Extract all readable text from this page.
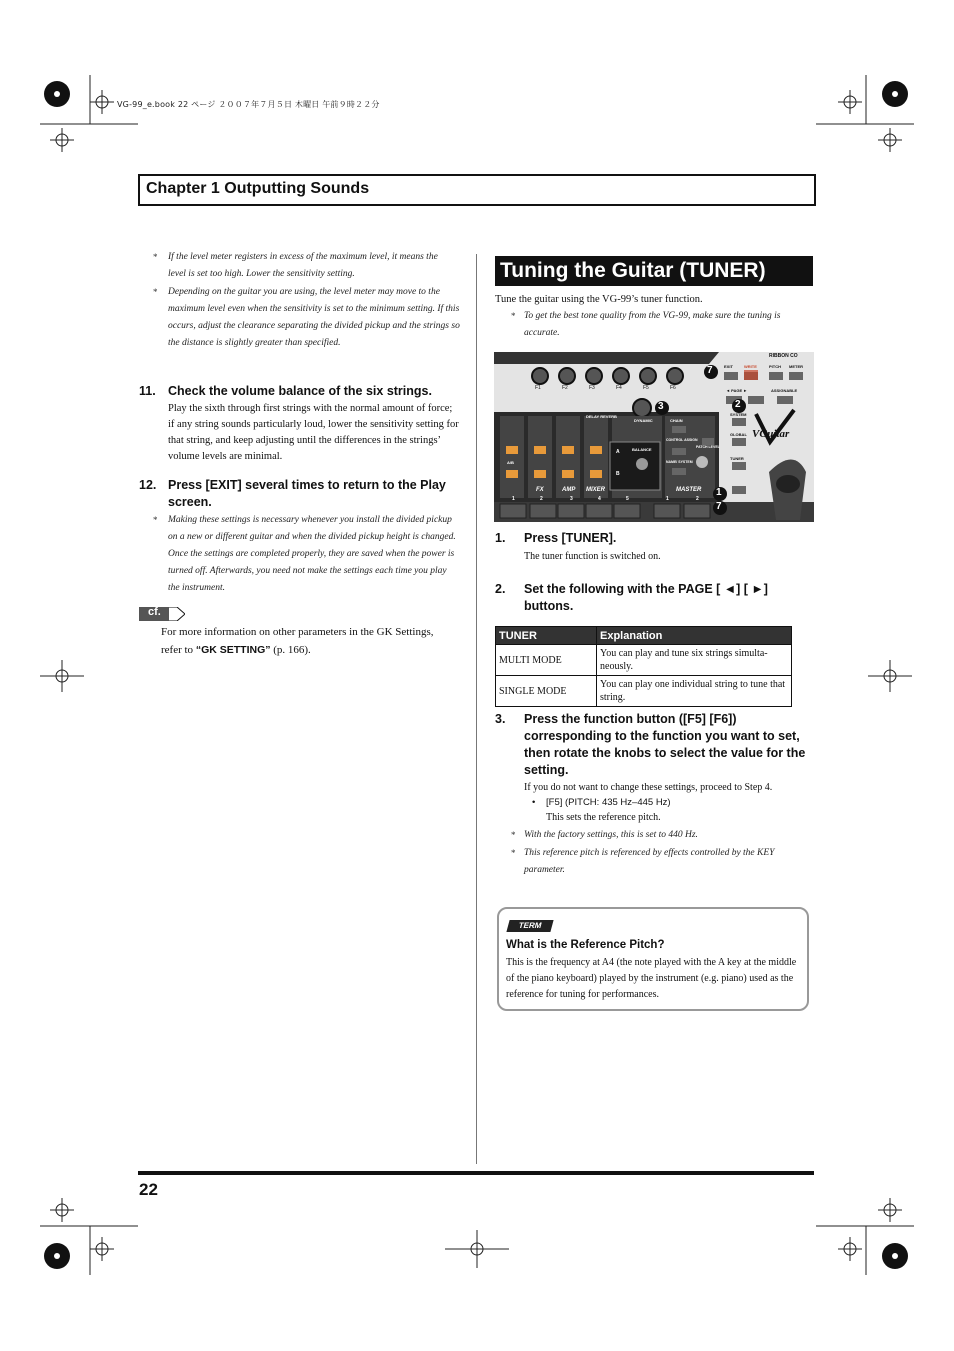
VG-99_e.book 22 ページ ２００７年７月５日 木曜日 午前９時２２分
Chapter 1 Outputting Sounds
* If the level meter registers in excess of the maximum level, it means the level is set too high. Lower the sensitivity setting.
* Depending on the guitar you are using, the level meter may move to the maximum level even when the sensitivity is set to the minimum setting. If this occurs, adjust the clearance separating the divided pickup and the strings so the distance is slightly greater than specified.
11. Check the volume balance of the six strings.
Play the sixth through first strings with the normal amount of force; if any string sounds particularly loud, lower the sensitivity setting for that string, and keep adjusting until the differences in the strings’ volume levels are minimal.
12. Press [EXIT] several times to return to the Play screen.
* Making these settings is necessary whenever you install the divided pickup on a new or different guitar and when the divided pickup height is changed. Once the settings are completed properly, they are saved when the power is turned off. Afterwards, you need not make the settings each time you play the instrument.
cf.
For more information on other parameters in the GK Settings, refer to “GK SETTING” (p. 166).
Tuning the Guitar (TUNER)
Tune the guitar using the VG-99’s tuner function.
* To get the best tone quality from the VG-99, make sure the tuning is accurate.
7
2
3
1
7
F1	F2	F3	F4	F5	F6
EXIT	WRITE	PITCH METER
RIBBON CO
◄ PAGE ►	ASSIGNABLE
SYSTEM
GLOBAL
TUNER
DYNAMIC
DELAY REVERB
CHAIN
CONTROL ASSIGN
PATCH LEVEL
NAME/ SYSTEM
BALANCE
A
B
A/B
FX	AMP MIXER	MASTER
VGuitar
1	2	3	4	5	1	2
1. Press [TUNER].
The tuner function is switched on.
2. Set the following with the PAGE [ ◄] [ ►] buttons.
TUNER	Explanation
MULTI MODE	You can play and tune six strings simulta-neously.
SINGLE MODE	You can play one individual string to tune that string.
3. Press the function button ([F5] [F6]) corresponding to the function you want to set, then rotate the knobs to select the value for the setting.
If you do not want to change these settings, proceed to Step 4.
• [F5] (PITCH: 435 Hz–445 Hz)
This sets the reference pitch.
* With the factory settings, this is set to 440 Hz.
* This reference pitch is referenced by effects controlled by the KEY parameter.
TERM
What is the Reference Pitch?
This is the frequency at A4 (the note played with the A key at the middle of the piano keyboard) played by the instrument (e.g. piano) used as the reference for tuning for performances.
22
